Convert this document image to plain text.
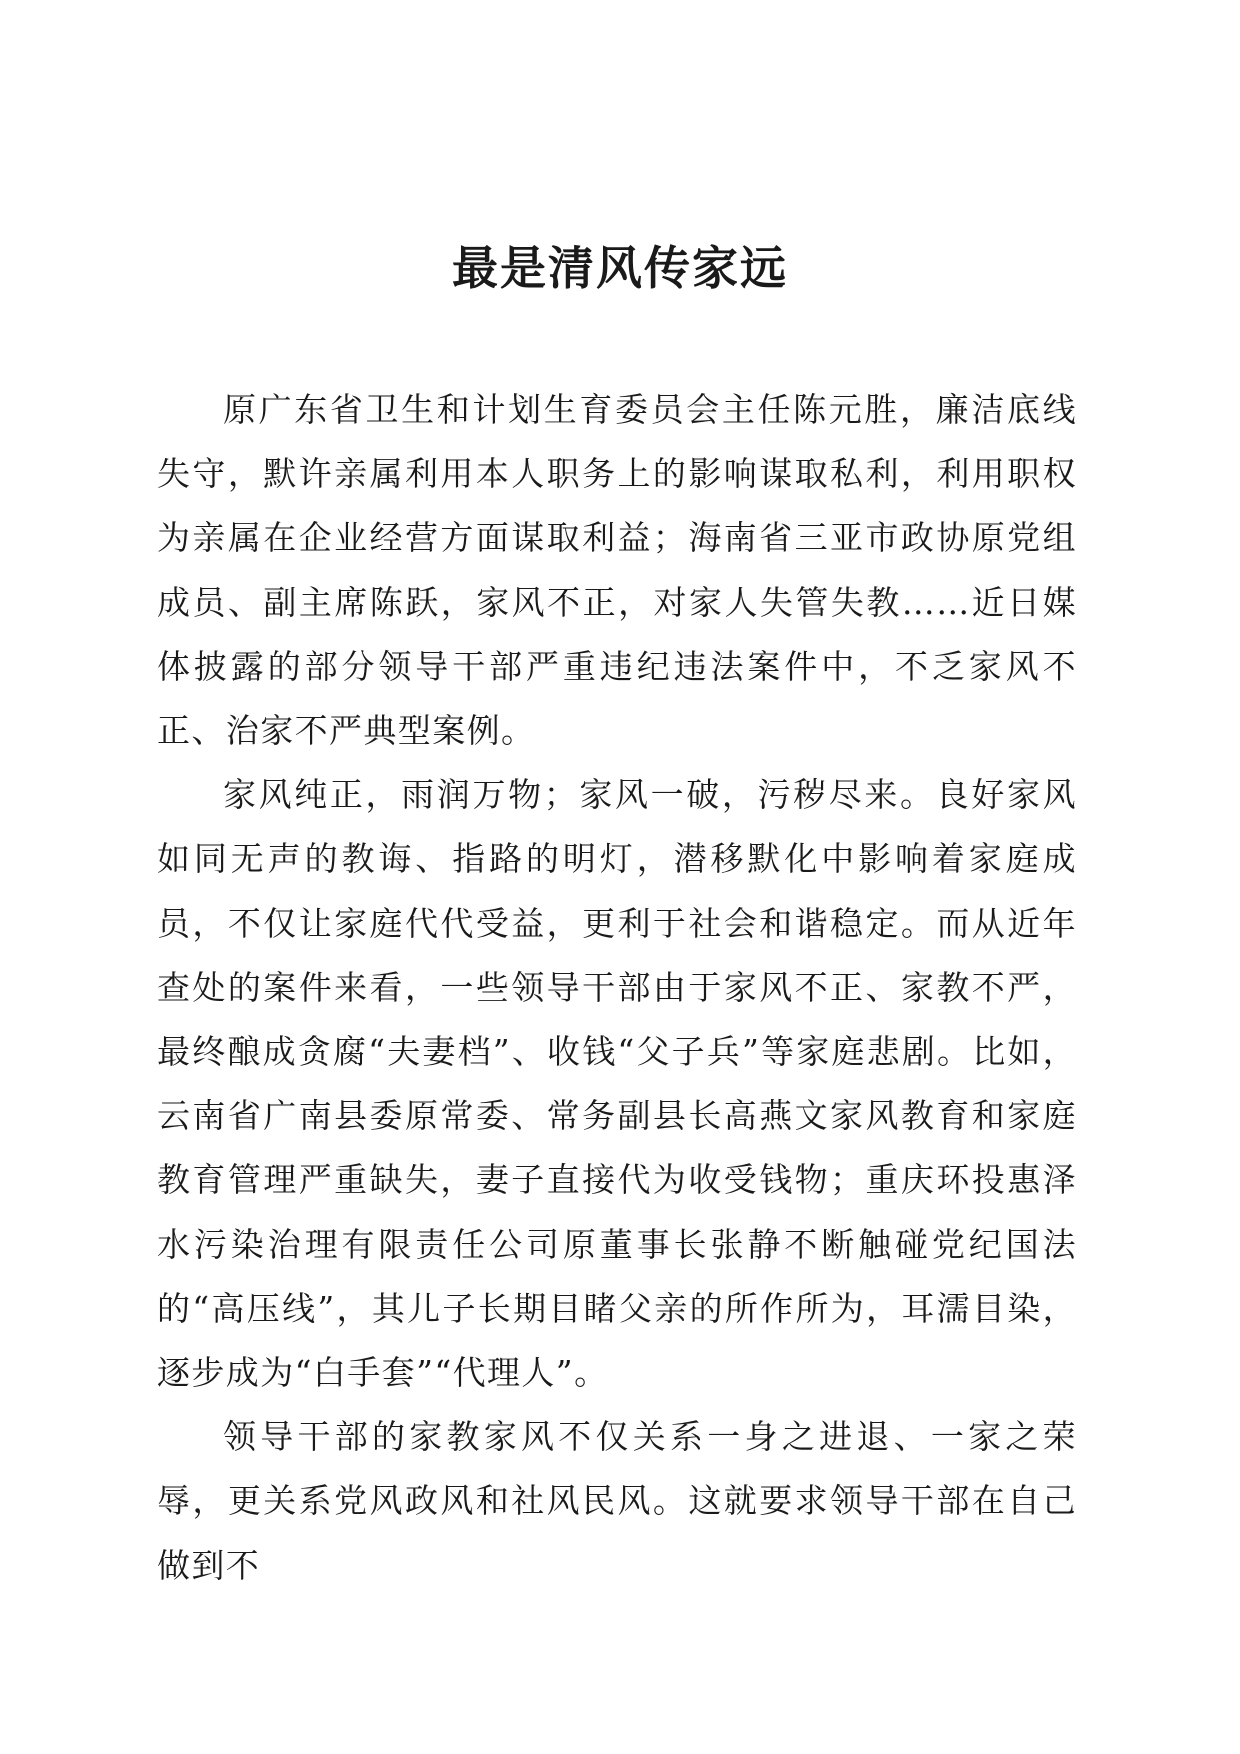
最是清风传家远

原广东省卫生和计划生育委员会主任陈元胜，廉洁底线失守，默许亲属利用本人职务上的影响谋取私利，利用职权为亲属在企业经营方面谋取利益；海南省三亚市政协原党组成员、副主席陈跃，家风不正，对家人失管失教……近日媒体披露的部分领导干部严重违纪违法案件中，不乏家风不正、治家不严典型案例。

家风纯正，雨润万物；家风一破，污秽尽来。良好家风如同无声的教诲、指路的明灯，潜移默化中影响着家庭成员，不仅让家庭代代受益，更利于社会和谐稳定。而从近年查处的案件来看，一些领导干部由于家风不正、家教不严，最终酿成贪腐“夫妻档”、收钱“父子兵”等家庭悲剧。比如，云南省广南县委原常委、常务副县长高燕文家风教育和家庭教育管理严重缺失，妻子直接代为收受钱物；重庆环投惠泽水污染治理有限责任公司原董事长张静不断触碰党纪国法的“高压线”，其儿子长期目睹父亲的所作所为，耳濡目染，逐步成为“白手套”“代理人”。

领导干部的家教家风不仅关系一身之进退、一家之荣辱，更关系党风政风和社风民风。这就要求领导干部在自己做到不
